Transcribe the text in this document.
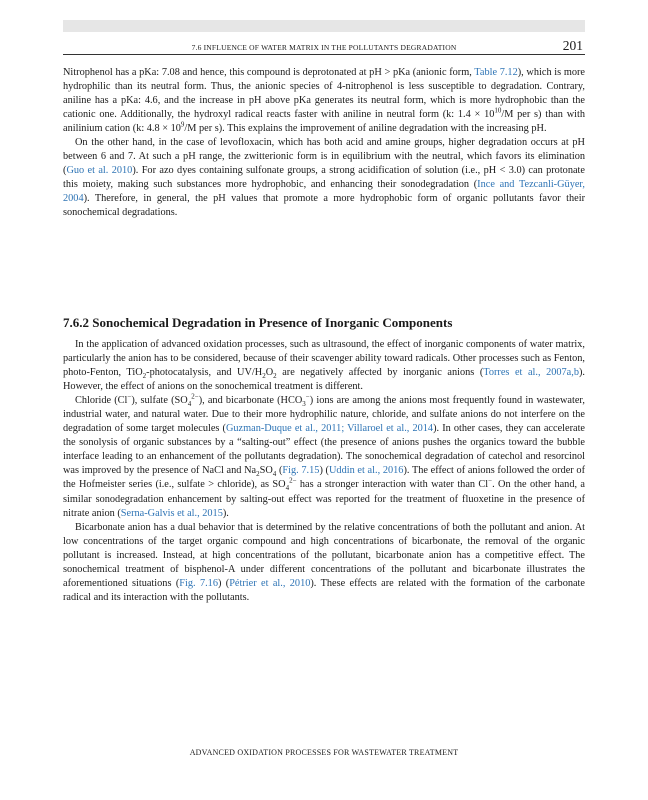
7.6 INFLUENCE OF WATER MATRIX IN THE POLLUTANTS DEGRADATION	201

Nitrophenol has a pKa: 7.08 and hence, this compound is deprotonated at pH > pKa (anionic form, Table 7.12), which is more hydrophilic than its neutral form. Thus, the anionic species of 4-nitrophenol is less susceptible to degradation. Contrary, aniline has a pKa: 4.6, and the increase in pH above pKa generates its neutral form, which is more hydrophobic than the cationic one. Additionally, the hydroxyl radical reacts faster with aniline in neutral form (k: $1.4 \times 10^{10}/M$ per s) than with anilinium cation (k: $4.8 \times 10^9/M$ per s). This explains the improvement of aniline degradation with the increasing pH.

On the other hand, in the case of levofloxacin, which has both acid and amine groups, higher degradation occurs at pH between 6 and 7. At such a pH range, the zwitterionic form is in equilibrium with the neutral, which favors its elimination (Guo et al. 2010). For azo dyes containing sulfonate groups, a strong acidification of solution (i.e., pH < 3.0) can protonate this moiety, making such substances more hydrophobic, and enhancing their sonodegradation (Ince and Tezcanli-Güyer, 2004). Therefore, in general, the pH values that promote a more hydrophobic form of organic pollutants favor their sonochemical degradations.

7.6.2 Sonochemical Degradation in Presence of Inorganic Components

In the application of advanced oxidation processes, such as ultrasound, the effect of inorganic components of water matrix, particularly the anion has to be considered, because of their scavenger ability toward radicals. Other processes such as Fenton, photo-Fenton, TiO$_2$-photocatalysis, and $UV/H_2O_2$ are negatively affected by inorganic anions (Torres et al., 2007a,b). However, the effect of anions on the sonochemical treatment is different.

Chloride (Cl−), sulfate $(SO_4^{2-})$, and bicarbonate $(HCO_3^-)$ ions are among the anions most frequently found in wastewater, industrial water, and natural water. Due to their more hydrophilic nature, chloride, and sulfate anions do not interfere on the degradation of some target molecules (Guzman-Duque et al., 2011; Villaroel et al., 2014). In other cases, they can accelerate the sonolysis of organic substances by a “salting-out” effect (the presence of anions pushes the organics toward the bubble interface leading to an enhancement of the pollutants degradation). The sonochemical degradation of catechol and resorcinol was improved by the presence of NaCl and $Na_2SO_4$ (Fig. 7.15) (Uddin et al., 2016). The effect of anions followed the order of the Hofmeister series (i.e., sulfate > chloride), as $SO_4^{2-}$ has a stronger interaction with water than Cl−. On the other hand, a similar sonodegradation enhancement by salting-out effect was reported for the treatment of fluoxetine in the presence of nitrate anion (Serna-Galvis et al., 2015).

Bicarbonate anion has a dual behavior that is determined by the relative concentrations of both the pollutant and anion. At low concentrations of the target organic compound and high concentrations of bicarbonate, the removal of the organic pollutant is increased. Instead, at high concentrations of the pollutant, bicarbonate anion has a competitive effect. The sonochemical treatment of bisphenol-A under different concentrations of the pollutant and bicarbonate illustrates the aforementioned situations (Fig. 7.16) (Pétrier et al., 2010). These effects are related with the formation of the carbonate radical and its interaction with the pollutants.

ADVANCED OXIDATION PROCESSES FOR WASTEWATER TREATMENT
